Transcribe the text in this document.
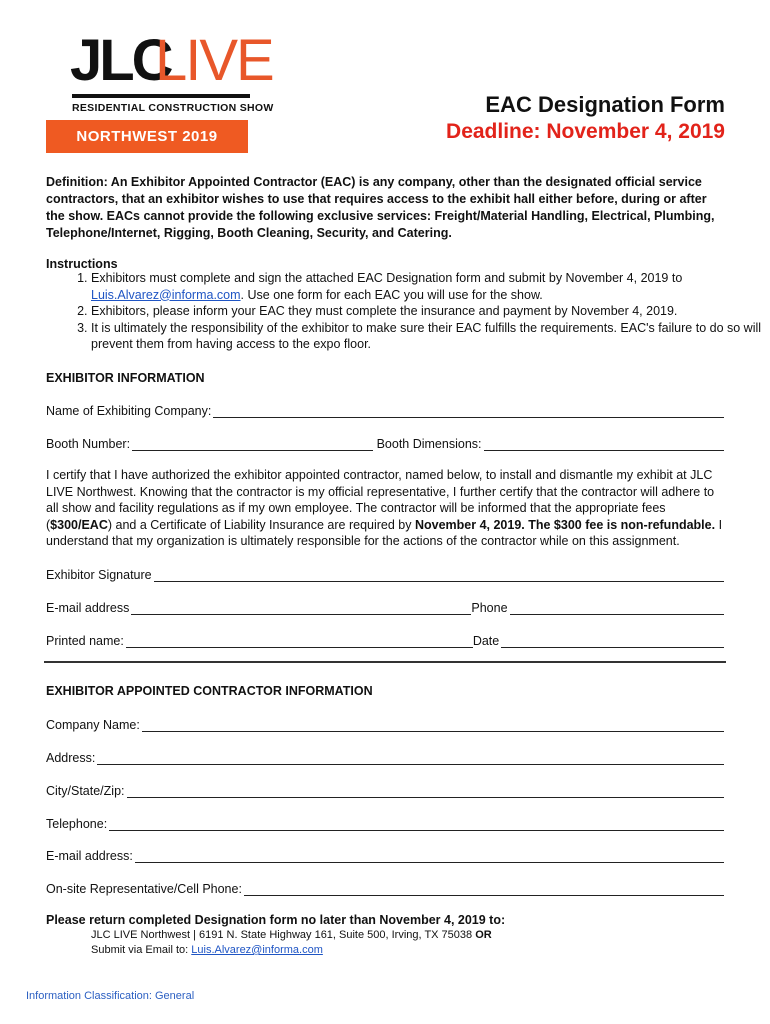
JLC
LIVE
RESIDENTIAL CONSTRUCTION SHOW
NORTHWEST 2019
EAC Designation Form
Deadline: November 4, 2019
Definition: An Exhibitor Appointed Contractor (EAC) is any company, other than the designated official service contractors, that an exhibitor wishes to use that requires access to the exhibit hall either before, during or after the show. EACs cannot provide the following exclusive services: Freight/Material Handling, Electrical, Plumbing, Telephone/Internet, Rigging, Booth Cleaning, Security, and Catering.
Instructions
1. Exhibitors must complete and sign the attached EAC Designation form and submit by November 4, 2019 to
Luis.Alvarez@informa.com. Use one form for each EAC you will use for the show.
2. Exhibitors, please inform your EAC they must complete the insurance and payment by November 4, 2019.
3. It is ultimately the responsibility of the exhibitor to make sure their EAC fulfills the requirements. EAC's failure to do so will prevent them from having access to the expo floor.
EXHIBITOR INFORMATION
Name of Exhibiting Company:
Booth Number:	Booth Dimensions:
I certify that I have authorized the exhibitor appointed contractor, named below, to install and dismantle my exhibit at JLC LIVE Northwest. Knowing that the contractor is my official representative, I further certify that the contractor will adhere to all show and facility regulations as if my own employee. The contractor will be informed that the appropriate fees ($300/EAC) and a Certificate of Liability Insurance are required by November 4, 2019. The $300 fee is non-refundable. I understand that my organization is ultimately responsible for the actions of the contractor while on this assignment.
Exhibitor Signature
E-mail address	Phone
Printed name:	Date
EXHIBITOR APPOINTED CONTRACTOR INFORMATION
Company Name:
Address:
City/State/Zip:
Telephone:
E-mail address:
On-site Representative/Cell Phone:
Please return completed Designation form no later than November 4, 2019 to:
JLC LIVE Northwest | 6191 N. State Highway 161, Suite 500, Irving, TX 75038 OR
Submit via Email to: Luis.Alvarez@informa.com
Information Classification: General
